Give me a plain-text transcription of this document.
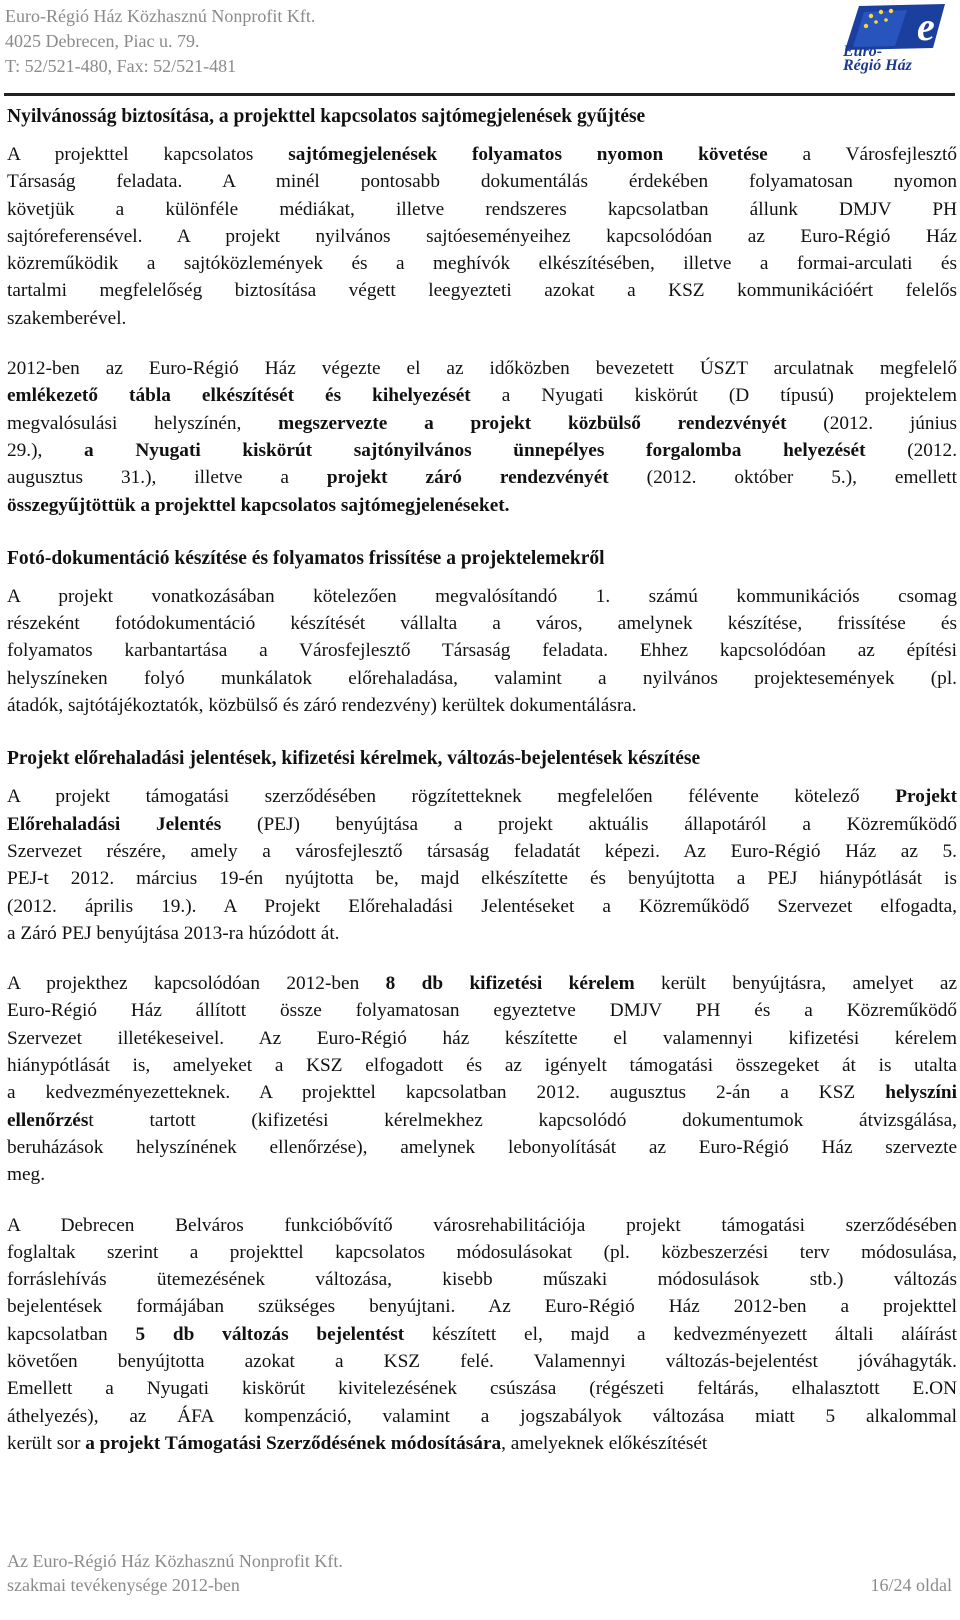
Euro-Régió Ház Közhasznú Nonprofit Kft.
4025 Debrecen, Piac u. 79.
T: 52/521-480, Fax: 52/521-481
e
Euro-
Régió Ház
Nyilvánosság biztosítása, a projekttel kapcsolatos sajtómegjelenések gyűjtése
A projekttel kapcsolatos sajtómegjelenések folyamatos nyomon követése a Városfejlesztő
Társaság feladata. A minél pontosabb dokumentálás érdekében folyamatosan nyomon
követjük a különféle médiákat, illetve rendszeres kapcsolatban állunk DMJV PH
sajtóreferensével. A projekt nyilvános sajtóeseményeihez kapcsolódóan az Euro-Régió Ház
közreműködik a sajtóközlemények és a meghívók elkészítésében, illetve a formai-arculati és
tartalmi megfelelőség biztosítása végett leegyezteti azokat a KSZ kommunikációért felelős
szakemberével.
2012-ben az Euro-Régió Ház végezte el az időközben bevezetett ÚSZT arculatnak megfelelő
emlékezető tábla elkészítését és kihelyezését a Nyugati kiskörút (D típusú) projektelem
megvalósulási helyszínén, megszervezte a projekt közbülső rendezvényét (2012. június
29.), a Nyugati kiskörút sajtónyilvános ünnepélyes forgalomba helyezését (2012.
augusztus 31.), illetve a projekt záró rendezvényét (2012. október 5.), emellett
összegyűjtöttük a projekttel kapcsolatos sajtómegjelenéseket.
Fotó-dokumentáció készítése és folyamatos frissítése a projektelemekről
A projekt vonatkozásában kötelezően megvalósítandó 1. számú kommunikációs csomag
részeként fotódokumentáció készítését vállalta a város, amelynek készítése, frissítése és
folyamatos karbantartása a Városfejlesztő Társaság feladata. Ehhez kapcsolódóan az építési
helyszíneken folyó munkálatok előrehaladása, valamint a nyilvános projektesemények (pl.
átadók, sajtótájékoztatók, közbülső és záró rendezvény) kerültek dokumentálásra.
Projekt előrehaladási jelentések, kifizetési kérelmek, változás-bejelentések készítése
A projekt támogatási szerződésében rögzítetteknek megfelelően félévente kötelező Projekt
Előrehaladási Jelentés (PEJ) benyújtása a projekt aktuális állapotáról a Közreműködő
Szervezet részére, amely a városfejlesztő társaság feladatát képezi. Az Euro-Régió Ház az 5.
PEJ-t 2012. március 19-én nyújtotta be, majd elkészítette és benyújtotta a PEJ hiánypótlását is
(2012. április 19.). A Projekt Előrehaladási Jelentéseket a Közreműködő Szervezet elfogadta,
a Záró PEJ benyújtása 2013-ra húzódott át.
A projekthez kapcsolódóan 2012-ben 8 db kifizetési kérelem került benyújtásra, amelyet az
Euro-Régió Ház állított össze folyamatosan egyeztetve DMJV PH és a Közreműködő
Szervezet illetékeseivel. Az Euro-Régió ház készítette el valamennyi kifizetési kérelem
hiánypótlását is, amelyeket a KSZ elfogadott és az igényelt támogatási összegeket át is utalta
a kedvezményezetteknek. A projekttel kapcsolatban 2012. augusztus 2-án a KSZ helyszíni
ellenőrzést tartott (kifizetési kérelmekhez kapcsolódó dokumentumok átvizsgálása,
beruházások helyszínének ellenőrzése), amelynek lebonyolítását az Euro-Régió Ház szervezte
meg.
A Debrecen Belváros funkcióbővítő városrehabilitációja projekt támogatási szerződésében
foglaltak szerint a projekttel kapcsolatos módosulásokat (pl. közbeszerzési terv módosulása,
forráslehívás ütemezésének változása, kisebb műszaki módosulások stb.) változás
bejelentések formájában szükséges benyújtani. Az Euro-Régió Ház 2012-ben a projekttel
kapcsolatban 5 db változás bejelentést készített el, majd a kedvezményezett általi aláírást
követően benyújtotta azokat a KSZ felé. Valamennyi változás-bejelentést jóváhagyták.
Emellett a Nyugati kiskörút kivitelezésének csúszása (régészeti feltárás, elhalasztott E.ON
áthelyezés), az ÁFA kompenzáció, valamint a jogszabályok változása miatt 5 alkalommal
került sor a projekt Támogatási Szerződésének módosítására, amelyeknek előkészítését
Az Euro-Régió Ház Közhasznú Nonprofit Kft.
szakmai tevékenysége 2012-ben	16/24 oldal
